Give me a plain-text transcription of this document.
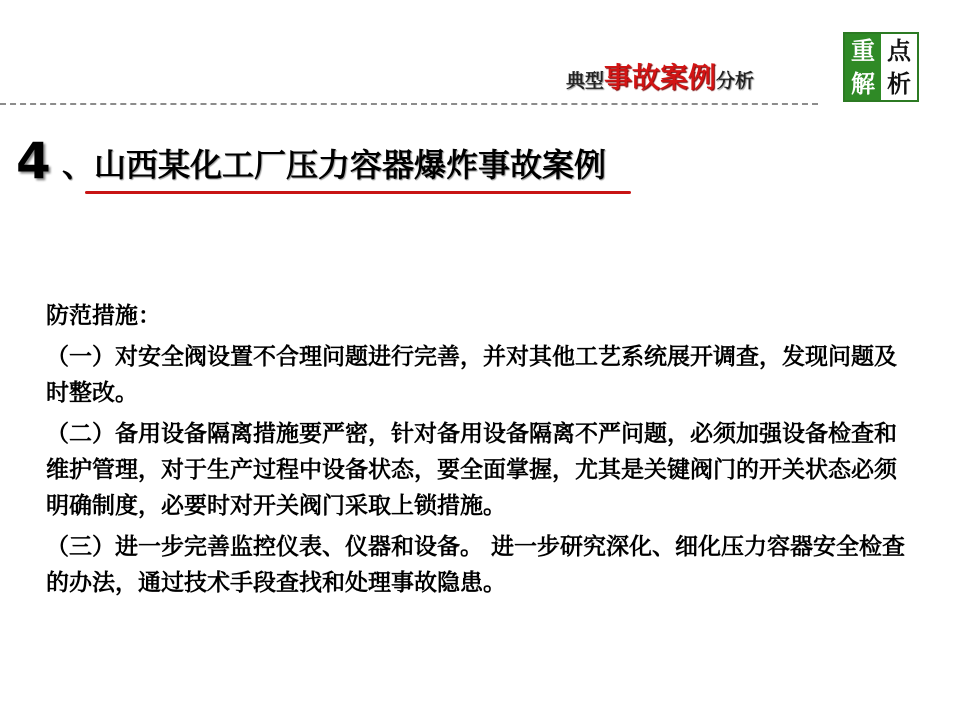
典型事故案例分析
重 点
解 析
4 、山西某化工厂压力容器爆炸事故案例

防范措施：

（一）对安全阀设置不合理问题进行完善，并对其他工艺系统展开调查，发现问题及时整改。

（二）备用设备隔离措施要严密，针对备用设备隔离不严问题，必须加强设备检查和维护管理，对于生产过程中设备状态，要全面掌握，尤其是关键阀门的开关状态必须明确制度，必要时对开关阀门采取上锁措施。

（三）进一步完善监控仪表、仪器和设备。 进一步研究深化、细化压力容器安全检查的办法，通过技术手段查找和处理事故隐患。
